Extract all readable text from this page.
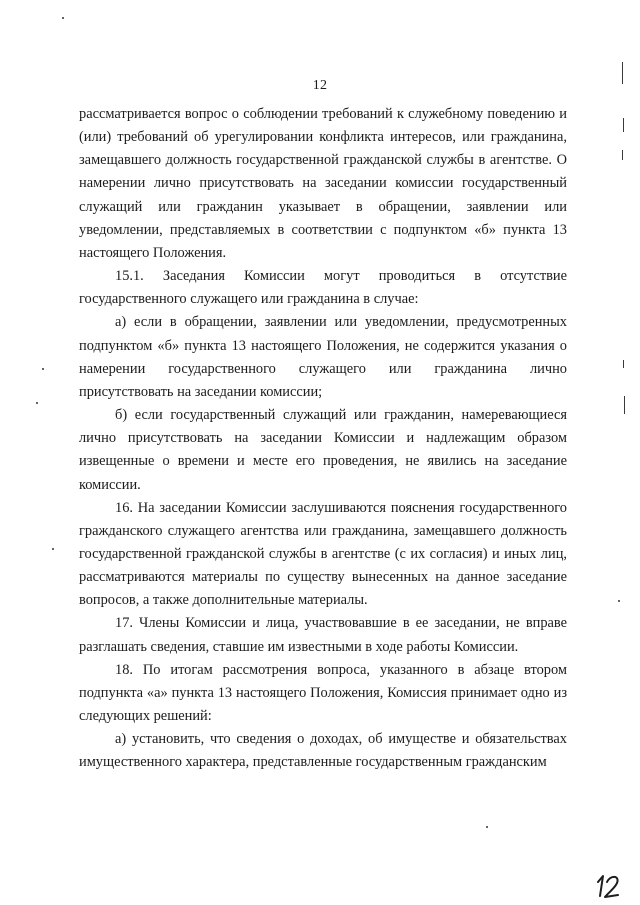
12

рассматривается вопрос о соблюдении требований к служебному поведению и (или) требований об урегулировании конфликта интересов, или гражданина, замещавшего должность государственной гражданской службы в агентстве. О намерении лично присутствовать на заседании комиссии государственный служащий или гражданин указывает в обращении, заявлении или уведомлении, представляемых в соответствии с подпунктом «б» пункта 13 настоящего Положения.

15.1. Заседания Комиссии могут проводиться в отсутствие государственного служащего или гражданина в случае:

а) если в обращении, заявлении или уведомлении, предусмотренных подпунктом «б» пункта 13 настоящего Положения, не содержится указания о намерении государственного служащего или гражданина лично присутствовать на заседании комиссии;

б) если государственный служащий или гражданин, намеревающиеся лично присутствовать на заседании Комиссии и надлежащим образом извещенные о времени и месте его проведения, не явились на заседание комиссии.

16. На заседании Комиссии заслушиваются пояснения государственного гражданского служащего агентства или гражданина, замещавшего должность государственной гражданской службы в агентстве (с их согласия) и иных лиц, рассматриваются материалы по существу вынесенных на данное заседание вопросов, а также дополнительные материалы.

17. Члены Комиссии и лица, участвовавшие в ее заседании, не вправе разглашать сведения, ставшие им известными в ходе работы Комиссии.

18. По итогам рассмотрения вопроса, указанного в абзаце втором подпункта «а» пункта 13 настоящего Положения, Комиссия принимает одно из следующих решений:

а) установить, что сведения о доходах, об имуществе и обязательствах имущественного характера, представленные государственным гражданским
